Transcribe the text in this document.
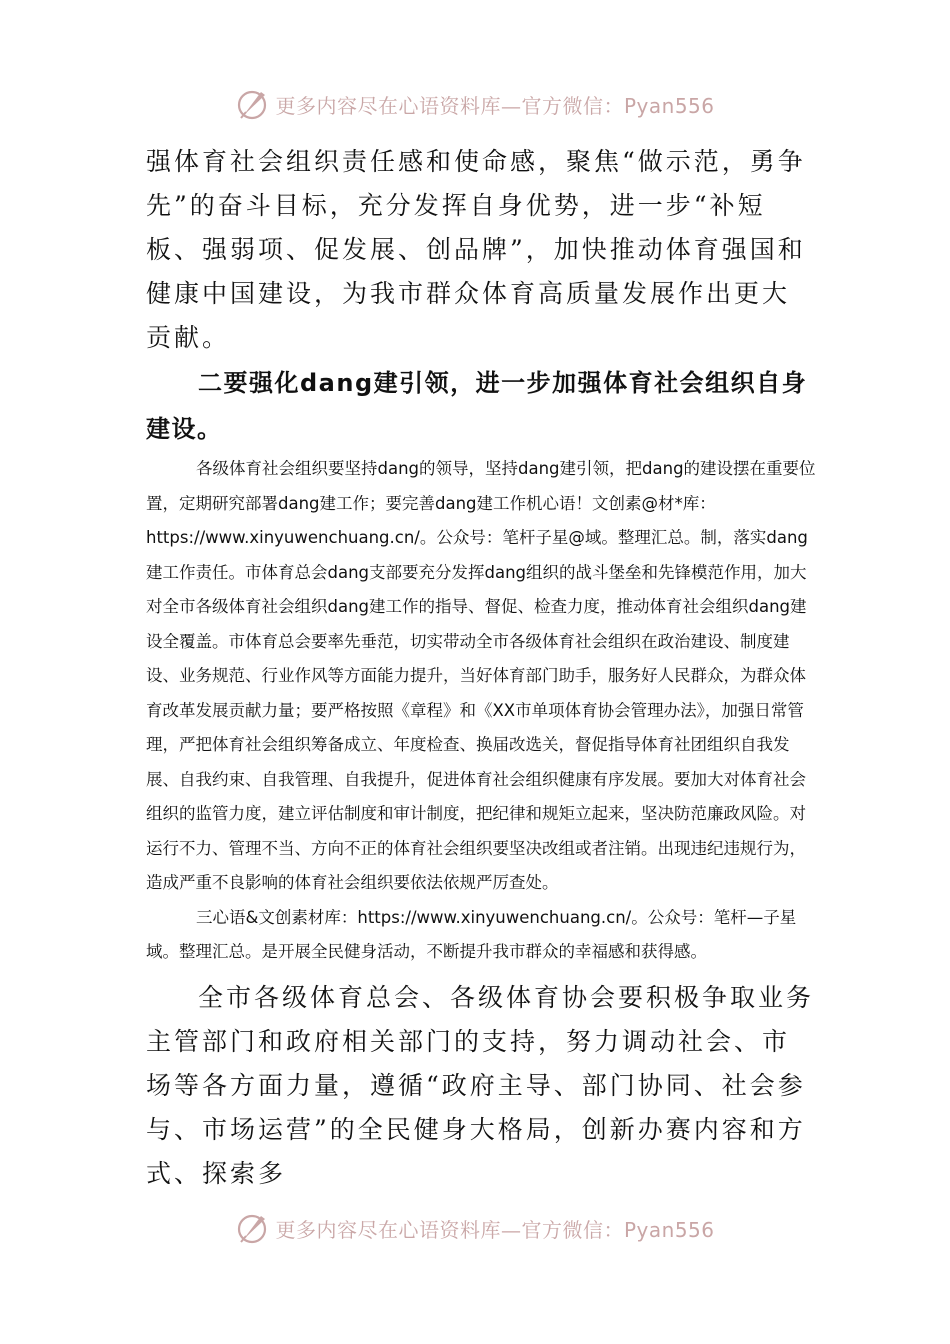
更多内容尽在心语资料库—官方微信：Pyan556

强体育社会组织责任感和使命感，聚焦“做示范，勇争先”的奋斗目标，充分发挥自身优势，进一步“补短板、强弱项、促发展、创品牌”，加快推动体育强国和健康中国建设，为我市群众体育高质量发展作出更大贡献。

二要强化dang建引领，进一步加强体育社会组织自身建设。

各级体育社会组织要坚持dang的领导，坚持dang建引领，把dang的建设摆在重要位置，定期研究部署dang建工作；要完善dang建工作机心语！文创素@材*库：https://www.xinyuwenchuang.cn/。公众号：笔杆子星@域。整理汇总。制，落实dang建工作责任。市体育总会dang支部要充分发挥dang组织的战斗堡垒和先锋模范作用，加大对全市各级体育社会组织dang建工作的指导、督促、检查力度，推动体育社会组织dang建设全覆盖。市体育总会要率先垂范，切实带动全市各级体育社会组织在政治建设、制度建设、业务规范、行业作风等方面能力提升，当好体育部门助手，服务好人民群众，为群众体育改革发展贡献力量；要严格按照《章程》和《XX市单项体育协会管理办法》，加强日常管理，严把体育社会组织筹备成立、年度检查、换届改选关，督促指导体育社团组织自我发展、自我约束、自我管理、自我提升，促进体育社会组织健康有序发展。要加大对体育社会组织的监管力度，建立评估制度和审计制度，把纪律和规矩立起来，坚决防范廉政风险。对运行不力、管理不当、方向不正的体育社会组织要坚决改组或者注销。出现违纪违规行为，造成严重不良影响的体育社会组织要依法依规严厉查处。

三心语&文创素材库：https://www.xinyuwenchuang.cn/。公众号：笔杆—子星域。整理汇总。是开展全民健身活动，不断提升我市群众的幸福感和获得感。

全市各级体育总会、各级体育协会要积极争取业务主管部门和政府相关部门的支持，努力调动社会、市场等各方面力量，遵循“政府主导、部门协同、社会参与、市场运营”的全民健身大格局，创新办赛内容和方式、探索多

更多内容尽在心语资料库—官方微信：Pyan556
